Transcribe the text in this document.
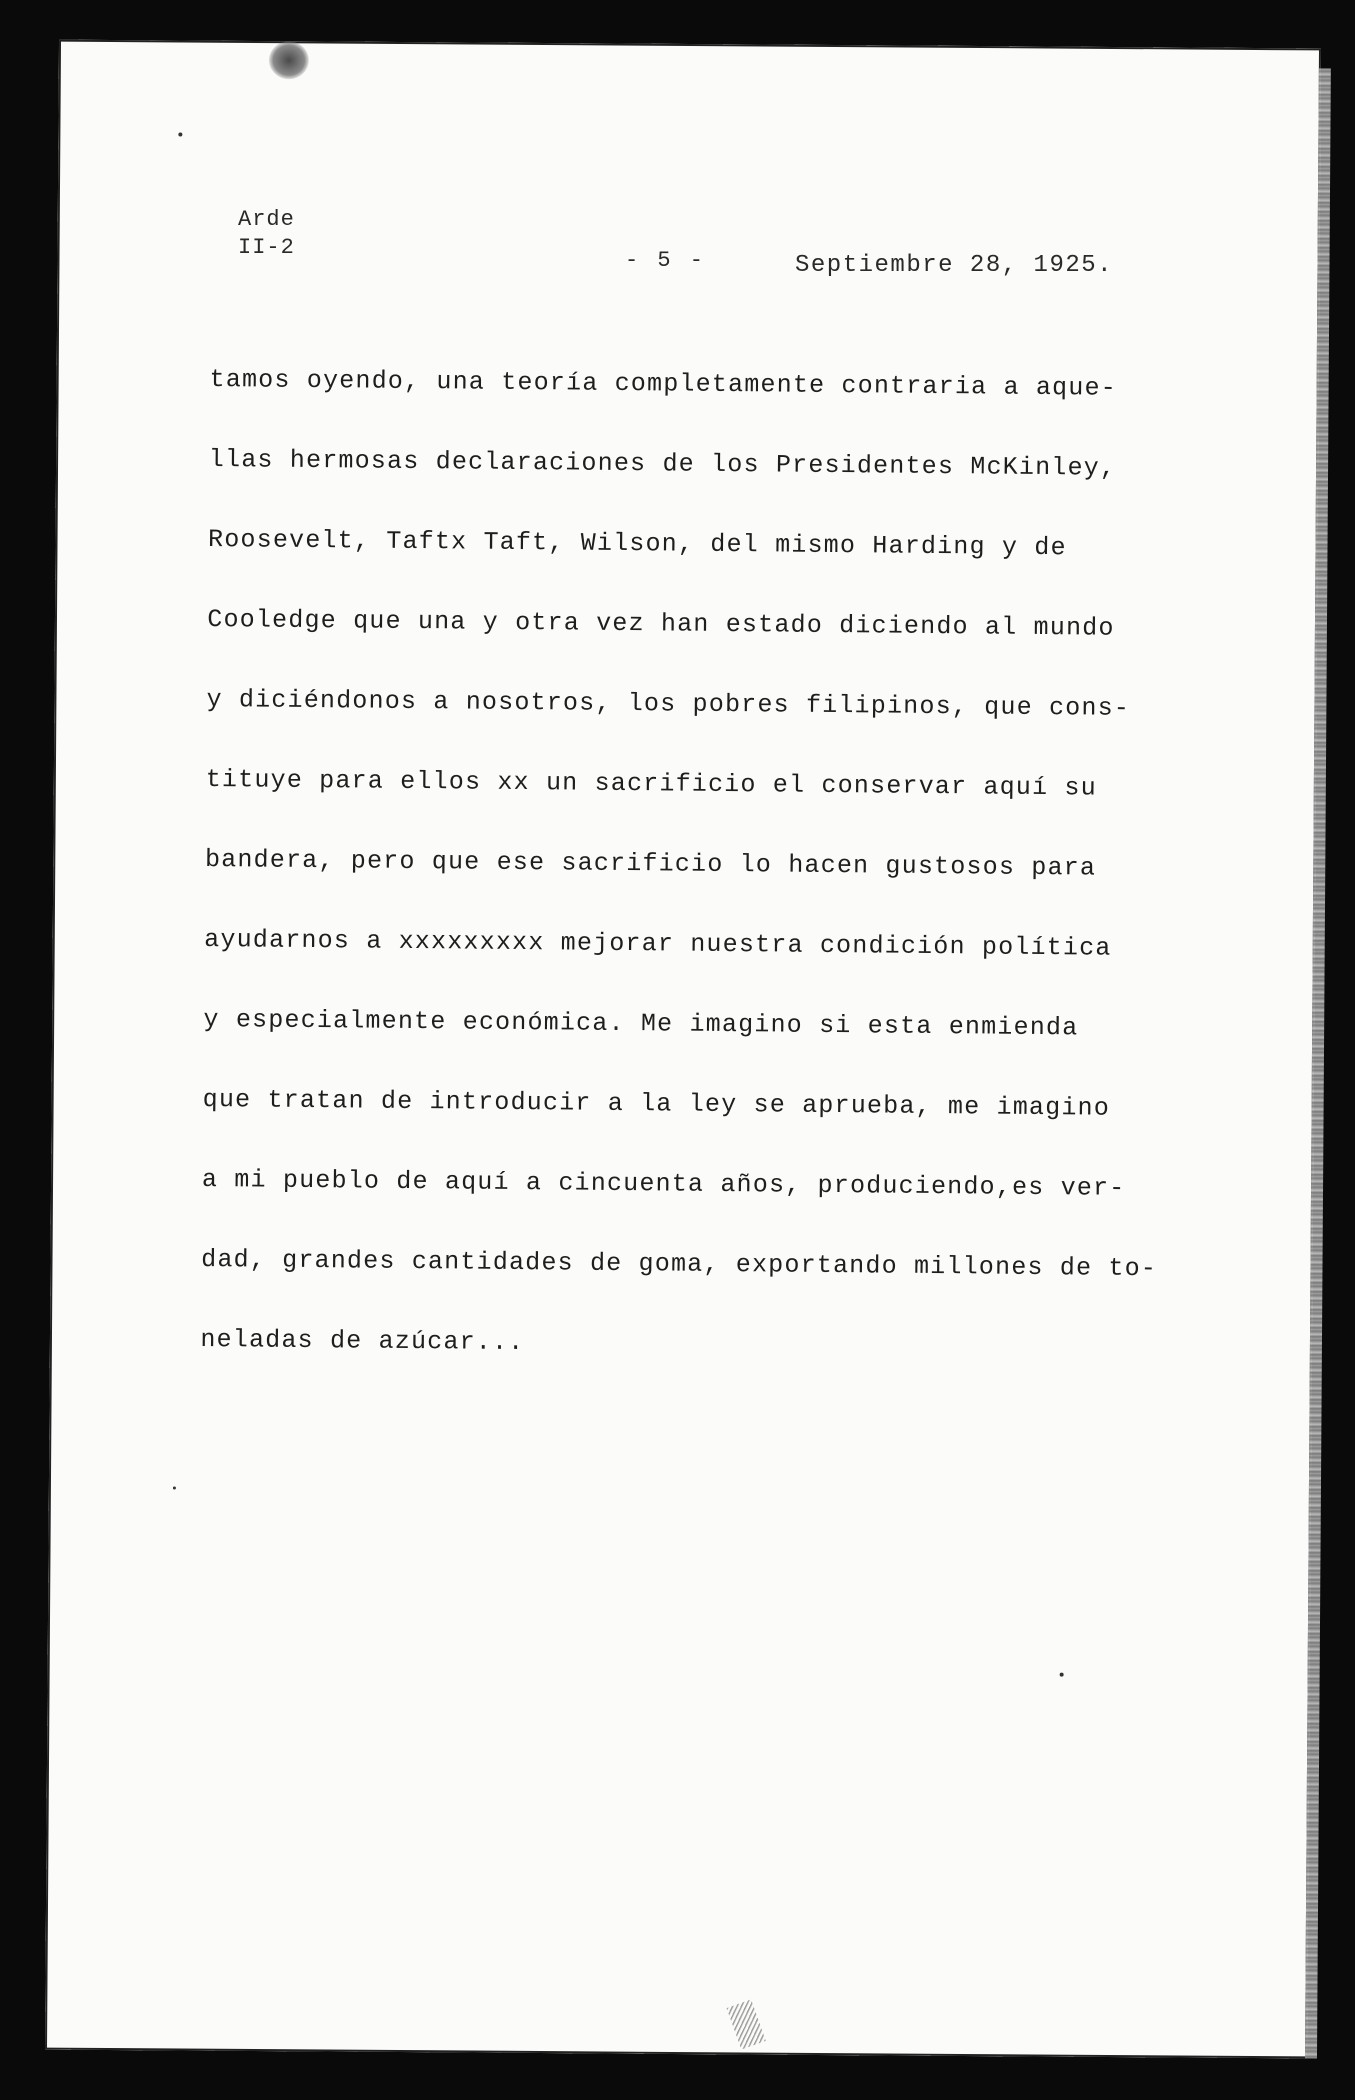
Arde
II-2
- 5 -	Septiembre 28, 1925.
tamos oyendo, una teoría completamente contraria a aque-
llas hermosas declaraciones de los Presidentes McKinley,
Roosevelt, Taftx Taft, Wilson, del mismo Harding y de
Cooledge que una y otra vez han estado diciendo al mundo
y diciéndonos a nosotros, los pobres filipinos, que cons-
tituye para ellos xx un sacrificio el conservar aquí su
bandera, pero que ese sacrificio lo hacen gustosos para
ayudarnos a xxxxxxxxx mejorar nuestra condición política
y especialmente económica. Me imagino si esta enmienda
que tratan de introducir a la ley se aprueba, me imagino
a mi pueblo de aquí a cincuenta años, produciendo,es ver-
dad, grandes cantidades de goma, exportando millones de to-
neladas de azúcar...
